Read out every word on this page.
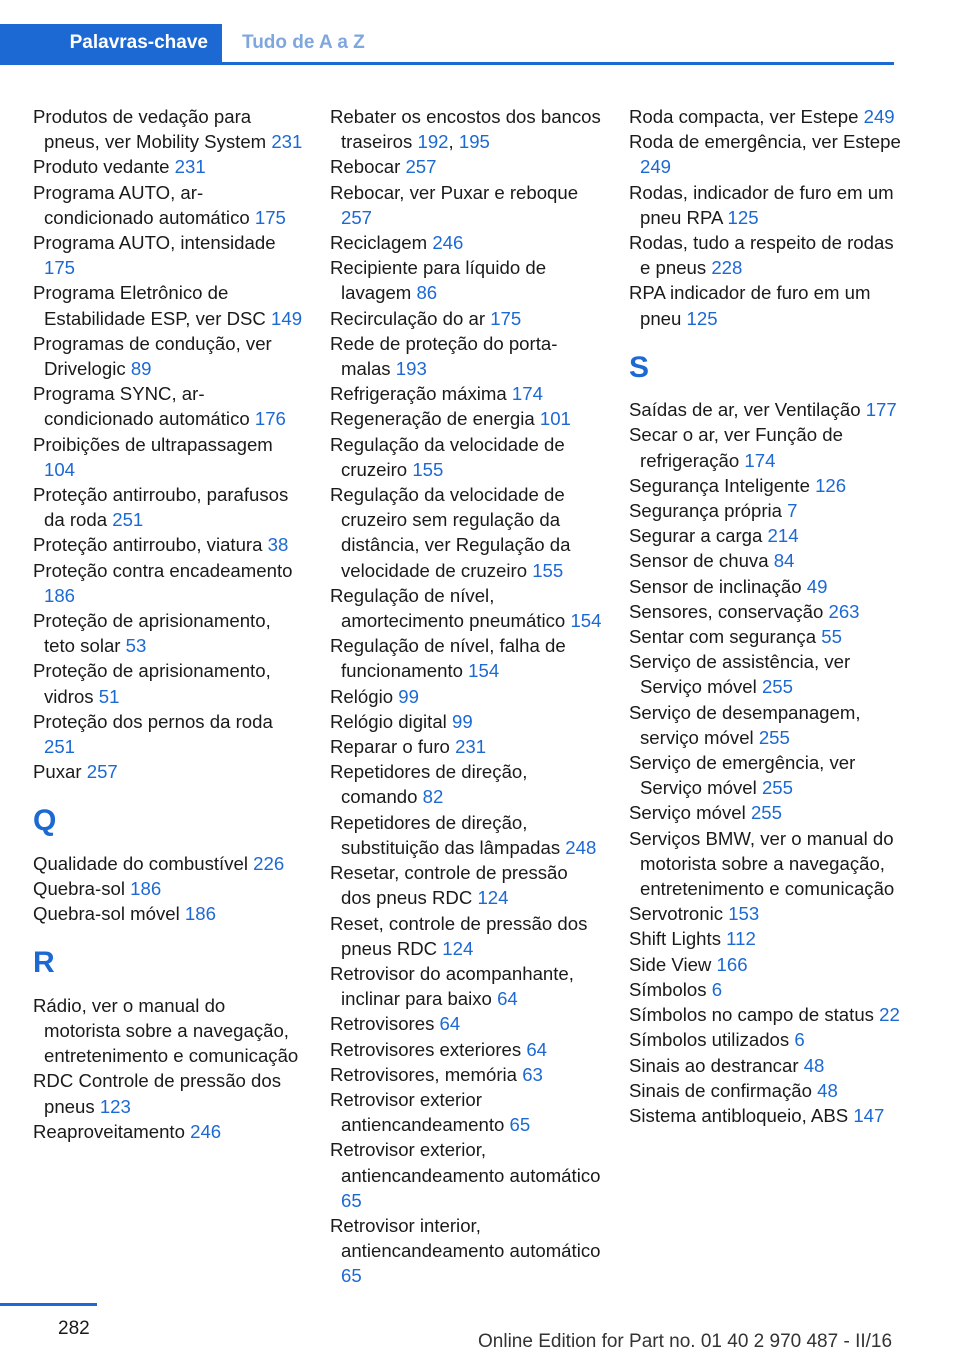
Palavras-chave	Tudo de A a Z
Produtos de vedação para pneus, ver Mobility System 231
Produto vedante 231
Programa AUTO, ar-condicionado automático 175
Programa AUTO, intensidade 175
Programa Eletrônico de Estabilidade ESP, ver DSC 149
Programas de condução, ver Drivelogic 89
Programa SYNC, ar-condicionado automático 176
Proibições de ultrapassagem 104
Proteção antirroubo, parafusos da roda 251
Proteção antirroubo, viatura 38
Proteção contra encadeamento 186
Proteção de aprisionamento, teto solar 53
Proteção de aprisionamento, vidros 51
Proteção dos pernos da roda 251
Puxar 257
Q
Qualidade do combustível 226
Quebra-sol 186
Quebra-sol móvel 186
R
Rádio, ver o manual do motorista sobre a navegação, entretenimento e comunicação
RDC Controle de pressão dos pneus 123
Reaproveitamento 246
Rebater os encostos dos bancos traseiros 192, 195
Rebocar 257
Rebocar, ver Puxar e reboque 257
Reciclagem 246
Recipiente para líquido de lavagem 86
Recirculação do ar 175
Rede de proteção do porta-malas 193
Refrigeração máxima 174
Regeneração de energia 101
Regulação da velocidade de cruzeiro 155
Regulação da velocidade de cruzeiro sem regulação da distância, ver Regulação da velocidade de cruzeiro 155
Regulação de nível, amortecimento pneumático 154
Regulação de nível, falha de funcionamento 154
Relógio 99
Relógio digital 99
Reparar o furo 231
Repetidores de direção, comando 82
Repetidores de direção, substituição das lâmpadas 248
Resetar, controle de pressão dos pneus RDC 124
Reset, controle de pressão dos pneus RDC 124
Retrovisor do acompanhante, inclinar para baixo 64
Retrovisores 64
Retrovisores exteriores 64
Retrovisores, memória 63
Retrovisor exterior antiencandeamento 65
Retrovisor exterior, antiencandeamento automático 65
Retrovisor interior, antiencandeamento automático 65
Roda compacta, ver Estepe 249
Roda de emergência, ver Estepe 249
Rodas, indicador de furo em um pneu RPA 125
Rodas, tudo a respeito de rodas e pneus 228
RPA indicador de furo em um pneu 125
S
Saídas de ar, ver Ventilação 177
Secar o ar, ver Função de refrigeração 174
Segurança Inteligente 126
Segurança própria 7
Segurar a carga 214
Sensor de chuva 84
Sensor de inclinação 49
Sensores, conservação 263
Sentar com segurança 55
Serviço de assistência, ver Serviço móvel 255
Serviço de desempanagem, serviço móvel 255
Serviço de emergência, ver Serviço móvel 255
Serviço móvel 255
Serviços BMW, ver o manual do motorista sobre a navegação, entretenimento e comunicação
Servotronic 153
Shift Lights 112
Side View 166
Símbolos 6
Símbolos no campo de status 22
Símbolos utilizados 6
Sinais ao destrancar 48
Sinais de confirmação 48
Sistema antibloqueio, ABS 147
282
Online Edition for Part no. 01 40 2 970 487 - II/16
